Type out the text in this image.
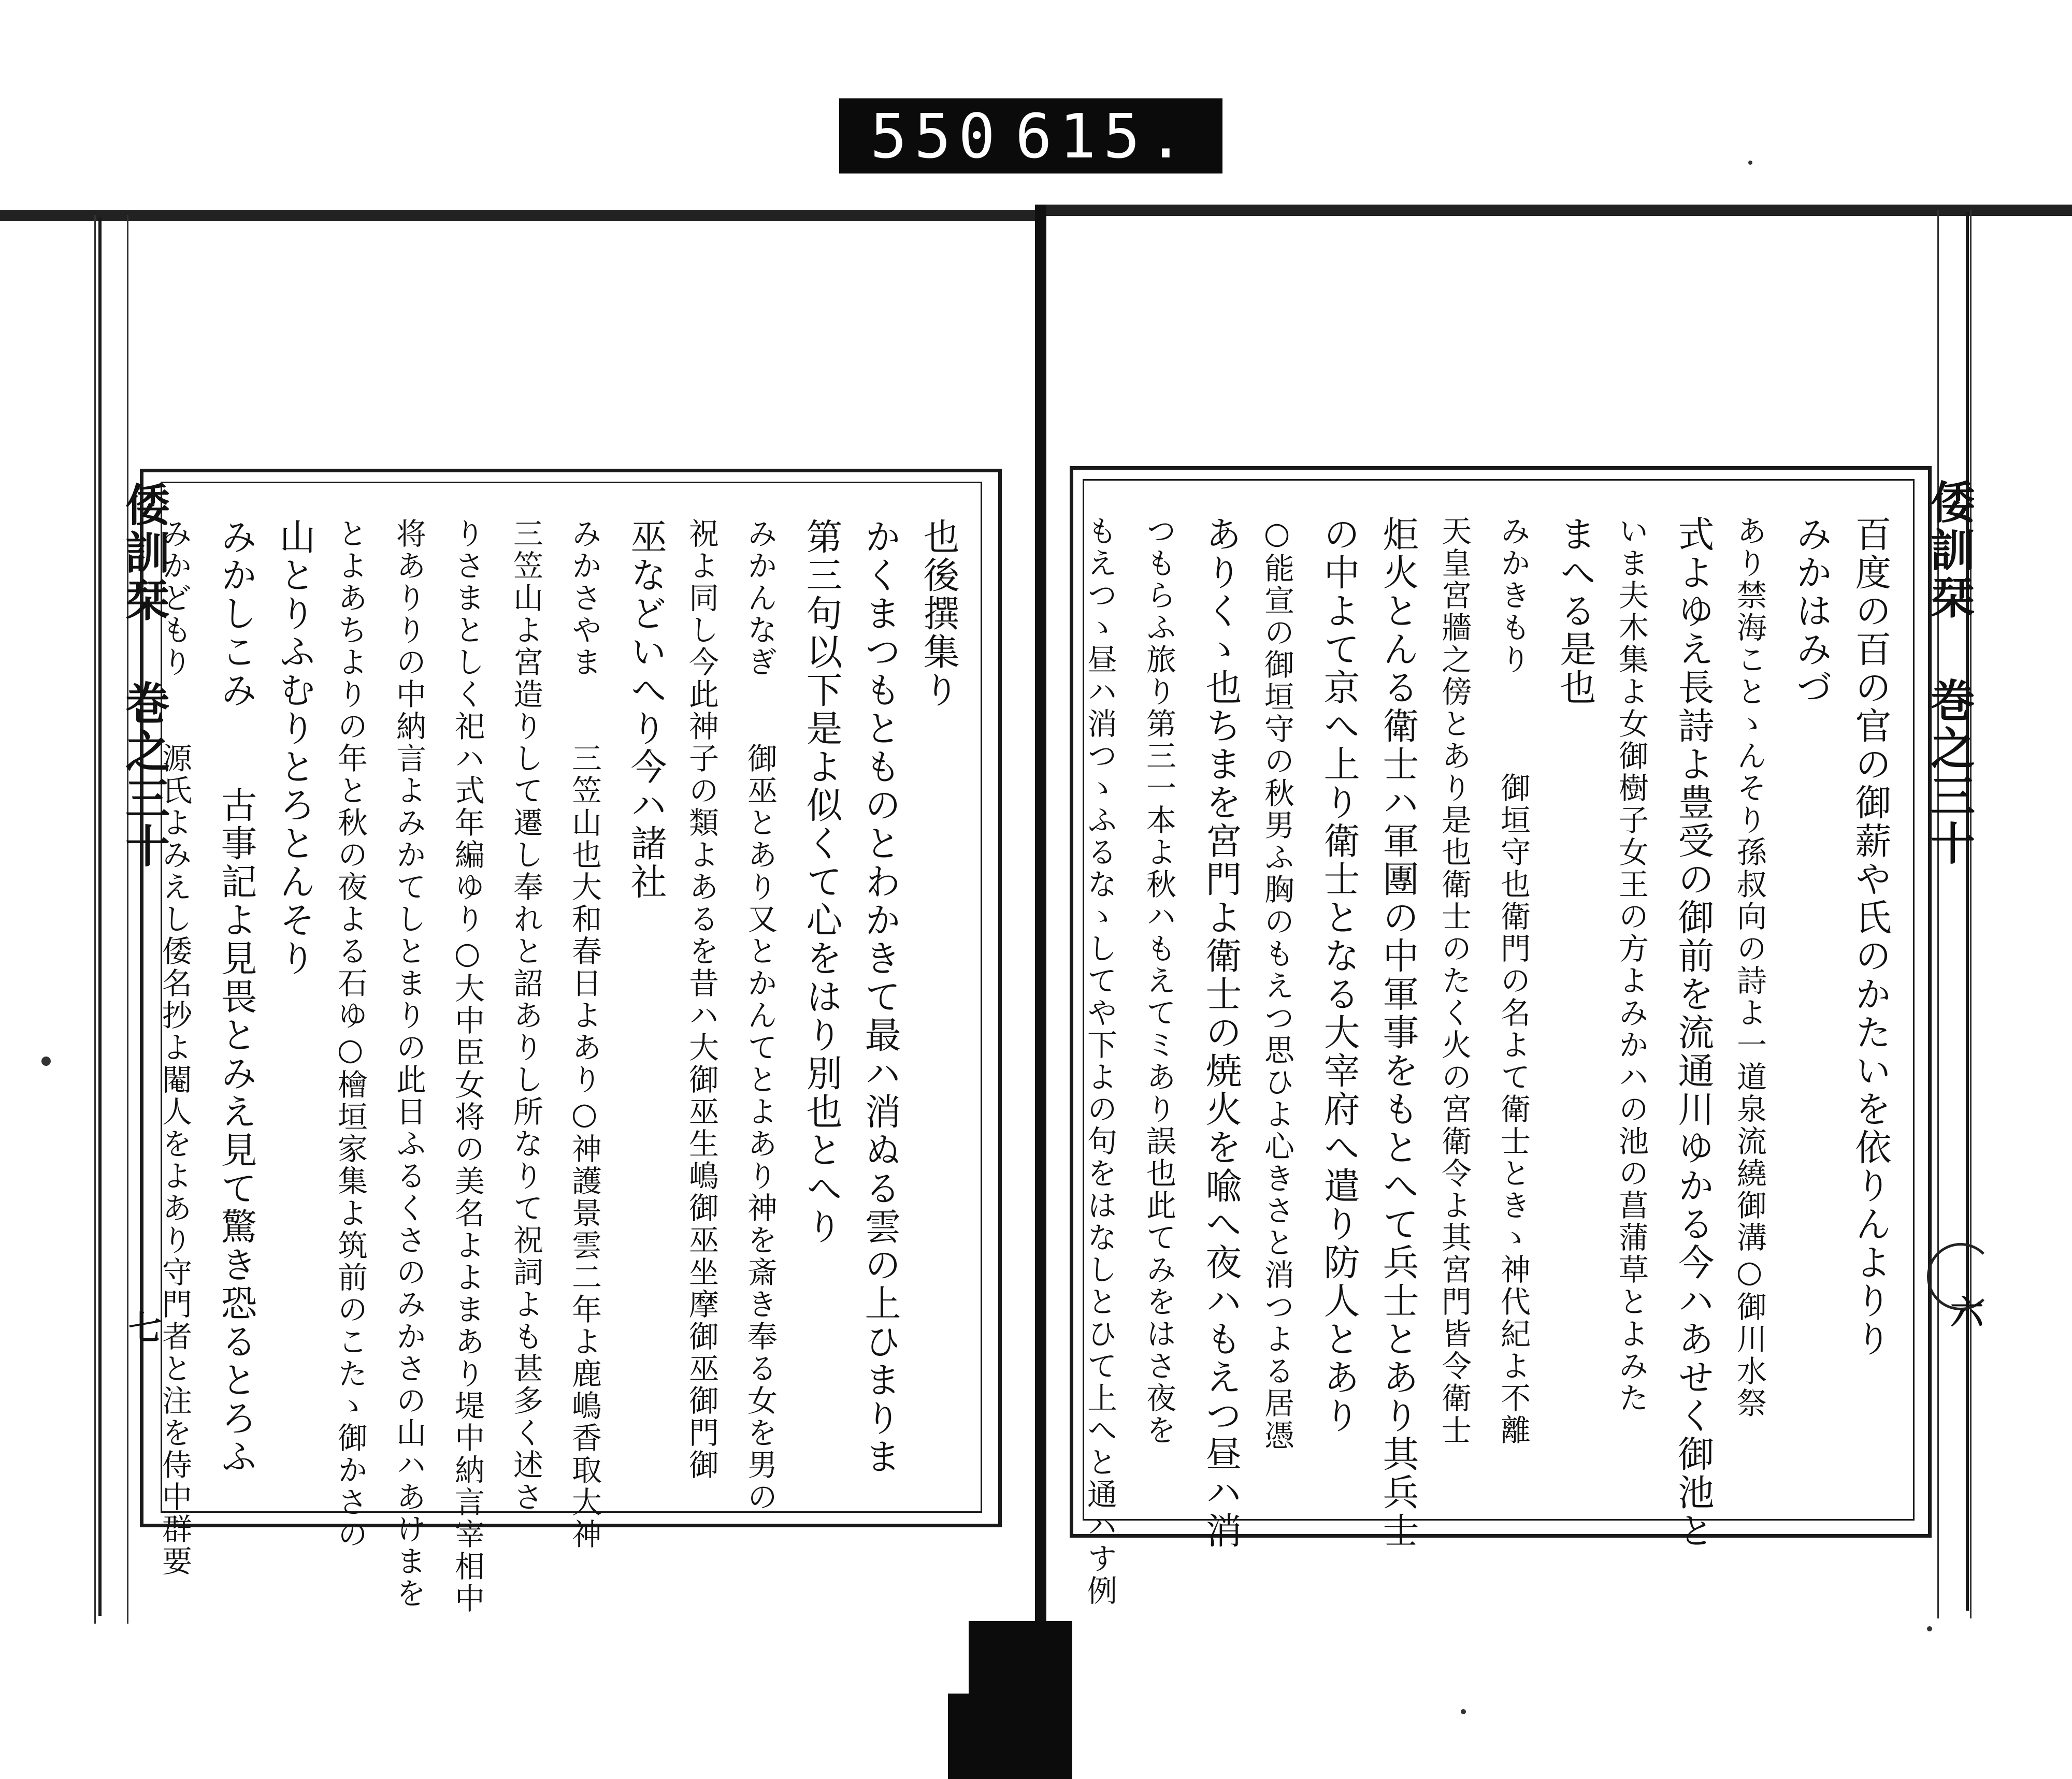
550 615.
倭訓栞 巻之三十
七
也後撰集り
かくまつもとものとわかきて最ハ消ぬる雲の上ひまりま
第三句以下是よ似くて心をはり別也とへり
みかんなぎ　　御巫とあり又とかんてとよあり神を斎き奉る女を男の
祝よ同し今此神子の類よあるを昔ハ大御巫生嶋御巫坐摩御巫御門御
巫などいへり今ハ諸社
みかさやま　　三笠山也大和春日よあり○神護景雲二年よ鹿嶋香取大神
三笠山よ宮造りして遷し奉れと詔ありし所なりて祝詞よも甚多く述さ
りさまとしく祀ハ式年編ゆり○大中臣女将の美名よよまあり堤中納言宰相中
将ありりの中納言よみかてしとまりの此日ふるくさのみかさの山ハあけまを
とよあちよりの年と秋の夜よる石ゆ○檜垣家集よ筑前のこたゝ御かさの
山とりふむりとろとんそり
みかしこみ　　古事記よ見畏とみえ見て驚き恐るとろふ
みかどもり　　源氏よみえし倭名抄よ閹人をよあり守門者と注を侍中群要	倭訓栞 巻之三十
六
百度の百の官の御薪や氏のかたいを依りんよりり
みかはみづ
あり禁海ことゝんそり孫叔向の詩よ一道泉流繞御溝○御川水祭
式よゆえ長詩よ豊受の御前を流通川ゆかる今ハあせく御池と
いま夫木集よ女御樹子女王の方よみかハの池の菖蒲草とよみた
まへる是也
みかきもり　　　御垣守也衛門の名よて衛士ときゝ神代紀よ不離
天皇宮牆之傍とあり是也衛士のたく火の宮衛令よ其宮門皆令衛士
炬火とんる衛士ハ軍團の中軍事をもとへて兵士とあり其兵士
の中よて京へ上り衛士となる大宰府へ遣り防人とあり
○能宣の御垣守の秋男ふ胸のもえつ思ひよ心きさと消つよる居憑
ありくゝ也ちまを宮門よ衛士の焼火を喩へ夜ハもえつ昼ハ消
つもらふ旅り第三一本よ秋ハもえてミあり誤也此てみをはさ夜を
もえつゝ昼ハ消つゝふるなゝしてや下よの句をはなしとひて上へと通ハす例
